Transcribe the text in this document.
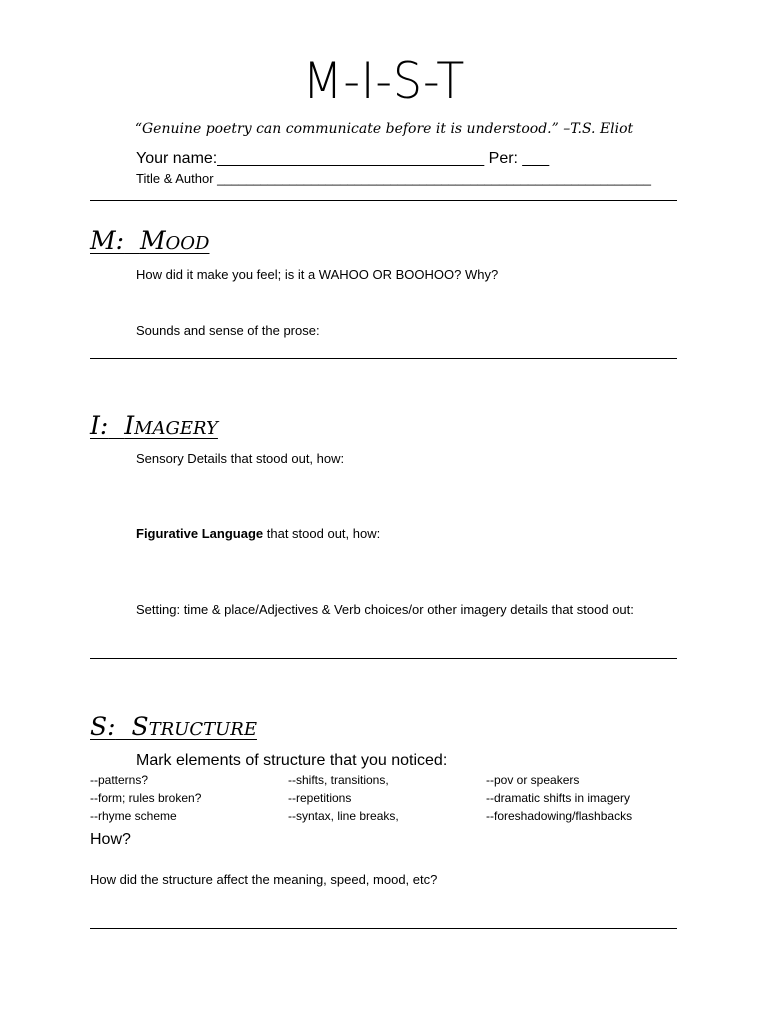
M-I-S-T
“Genuine poetry can communicate before it is understood.” –T.S. Eliot
Your name:______________________________ Per: ___
Title & Author ____________________________________________________________
M: Mood
How did it make you feel; is it a WAHOO OR BOOHOO? Why?
Sounds and sense of the prose:
I: Imagery
Sensory Details that stood out, how:
Figurative Language that stood out, how:
Setting: time & place/Adjectives & Verb choices/or other imagery details that stood out:
S: Structure
Mark elements of structure that you noticed:
--patterns?
--form; rules broken?
--rhyme scheme
--shifts, transitions,
--repetitions
--syntax, line breaks,
--pov or speakers
--dramatic shifts in imagery
--foreshadowing/flashbacks
How?
How did the structure affect the meaning, speed, mood, etc?
